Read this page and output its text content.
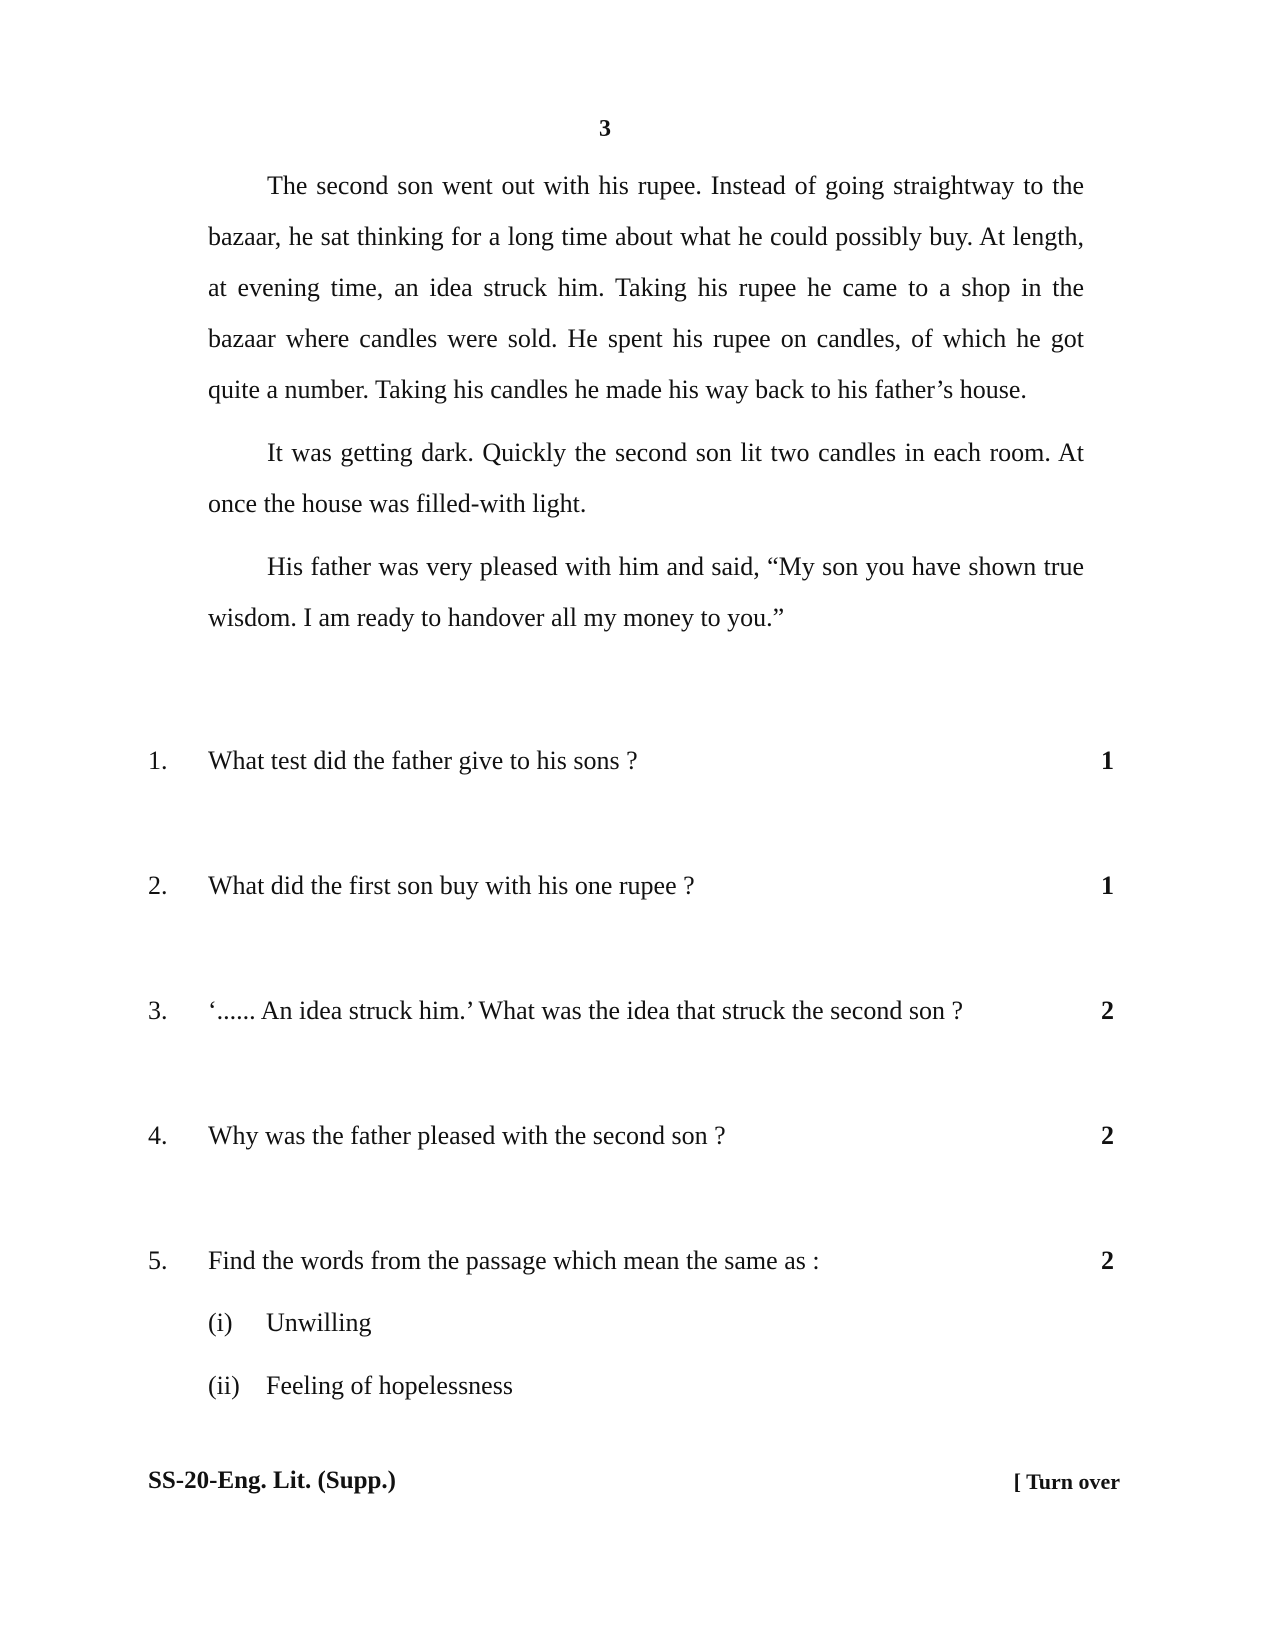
3

The second son went out with his rupee. Instead of going straightway to the bazaar, he sat thinking for a long time about what he could possibly buy. At length, at evening time, an idea struck him. Taking his rupee he came to a shop in the bazaar where candles were sold. He spent his rupee on candles, of which he got quite a number. Taking his candles he made his way back to his father’s house.

It was getting dark. Quickly the second son lit two candles in each room. At once the house was filled-with light.

His father was very pleased with him and said, “My son you have shown true wisdom. I am ready to handover all my money to you.”

1. What test did the father give to his sons ?	1
2. What did the first son buy with his one rupee ?	1
3. ‘...... An idea struck him.’ What was the idea that struck the second son ?	2
4. Why was the father pleased with the second son ?	2
5. Find the words from the passage which mean the same as :	2
(i) Unwilling
(ii) Feeling of hopelessness
SS-20-Eng. Lit. (Supp.)	[ Turn over
